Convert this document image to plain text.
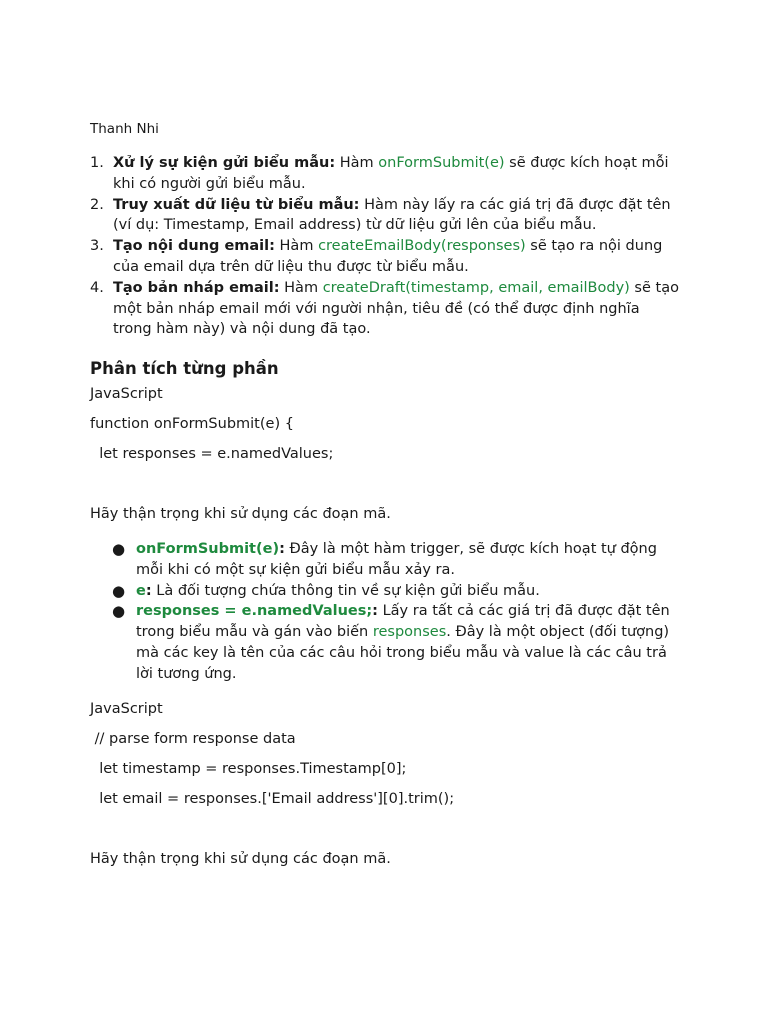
Thanh Nhi
1. Xử lý sự kiện gửi biểu mẫu: Hàm onFormSubmit(e) sẽ được kích hoạt mỗi khi có người gửi biểu mẫu.
2. Truy xuất dữ liệu từ biểu mẫu: Hàm này lấy ra các giá trị đã được đặt tên (ví dụ: Timestamp, Email address) từ dữ liệu gửi lên của biểu mẫu.
3. Tạo nội dung email: Hàm createEmailBody(responses) sẽ tạo ra nội dung của email dựa trên dữ liệu thu được từ biểu mẫu.
4. Tạo bản nháp email: Hàm createDraft(timestamp, email, emailBody) sẽ tạo một bản nháp email mới với người nhận, tiêu đề (có thể được định nghĩa trong hàm này) và nội dung đã tạo.
Phân tích từng phần
JavaScript
function onFormSubmit(e) {
let responses = e.namedValues;
Hãy thận trọng khi sử dụng các đoạn mã.
● onFormSubmit(e): Đây là một hàm trigger, sẽ được kích hoạt tự động mỗi khi có một sự kiện gửi biểu mẫu xảy ra.
● e: Là đối tượng chứa thông tin về sự kiện gửi biểu mẫu.
● responses = e.namedValues;: Lấy ra tất cả các giá trị đã được đặt tên trong biểu mẫu và gán vào biến responses. Đây là một object (đối tượng) mà các key là tên của các câu hỏi trong biểu mẫu và value là các câu trả lời tương ứng.
JavaScript
// parse form response data
let timestamp = responses.Timestamp[0];
let email = responses.['Email address'][0].trim();
Hãy thận trọng khi sử dụng các đoạn mã.
